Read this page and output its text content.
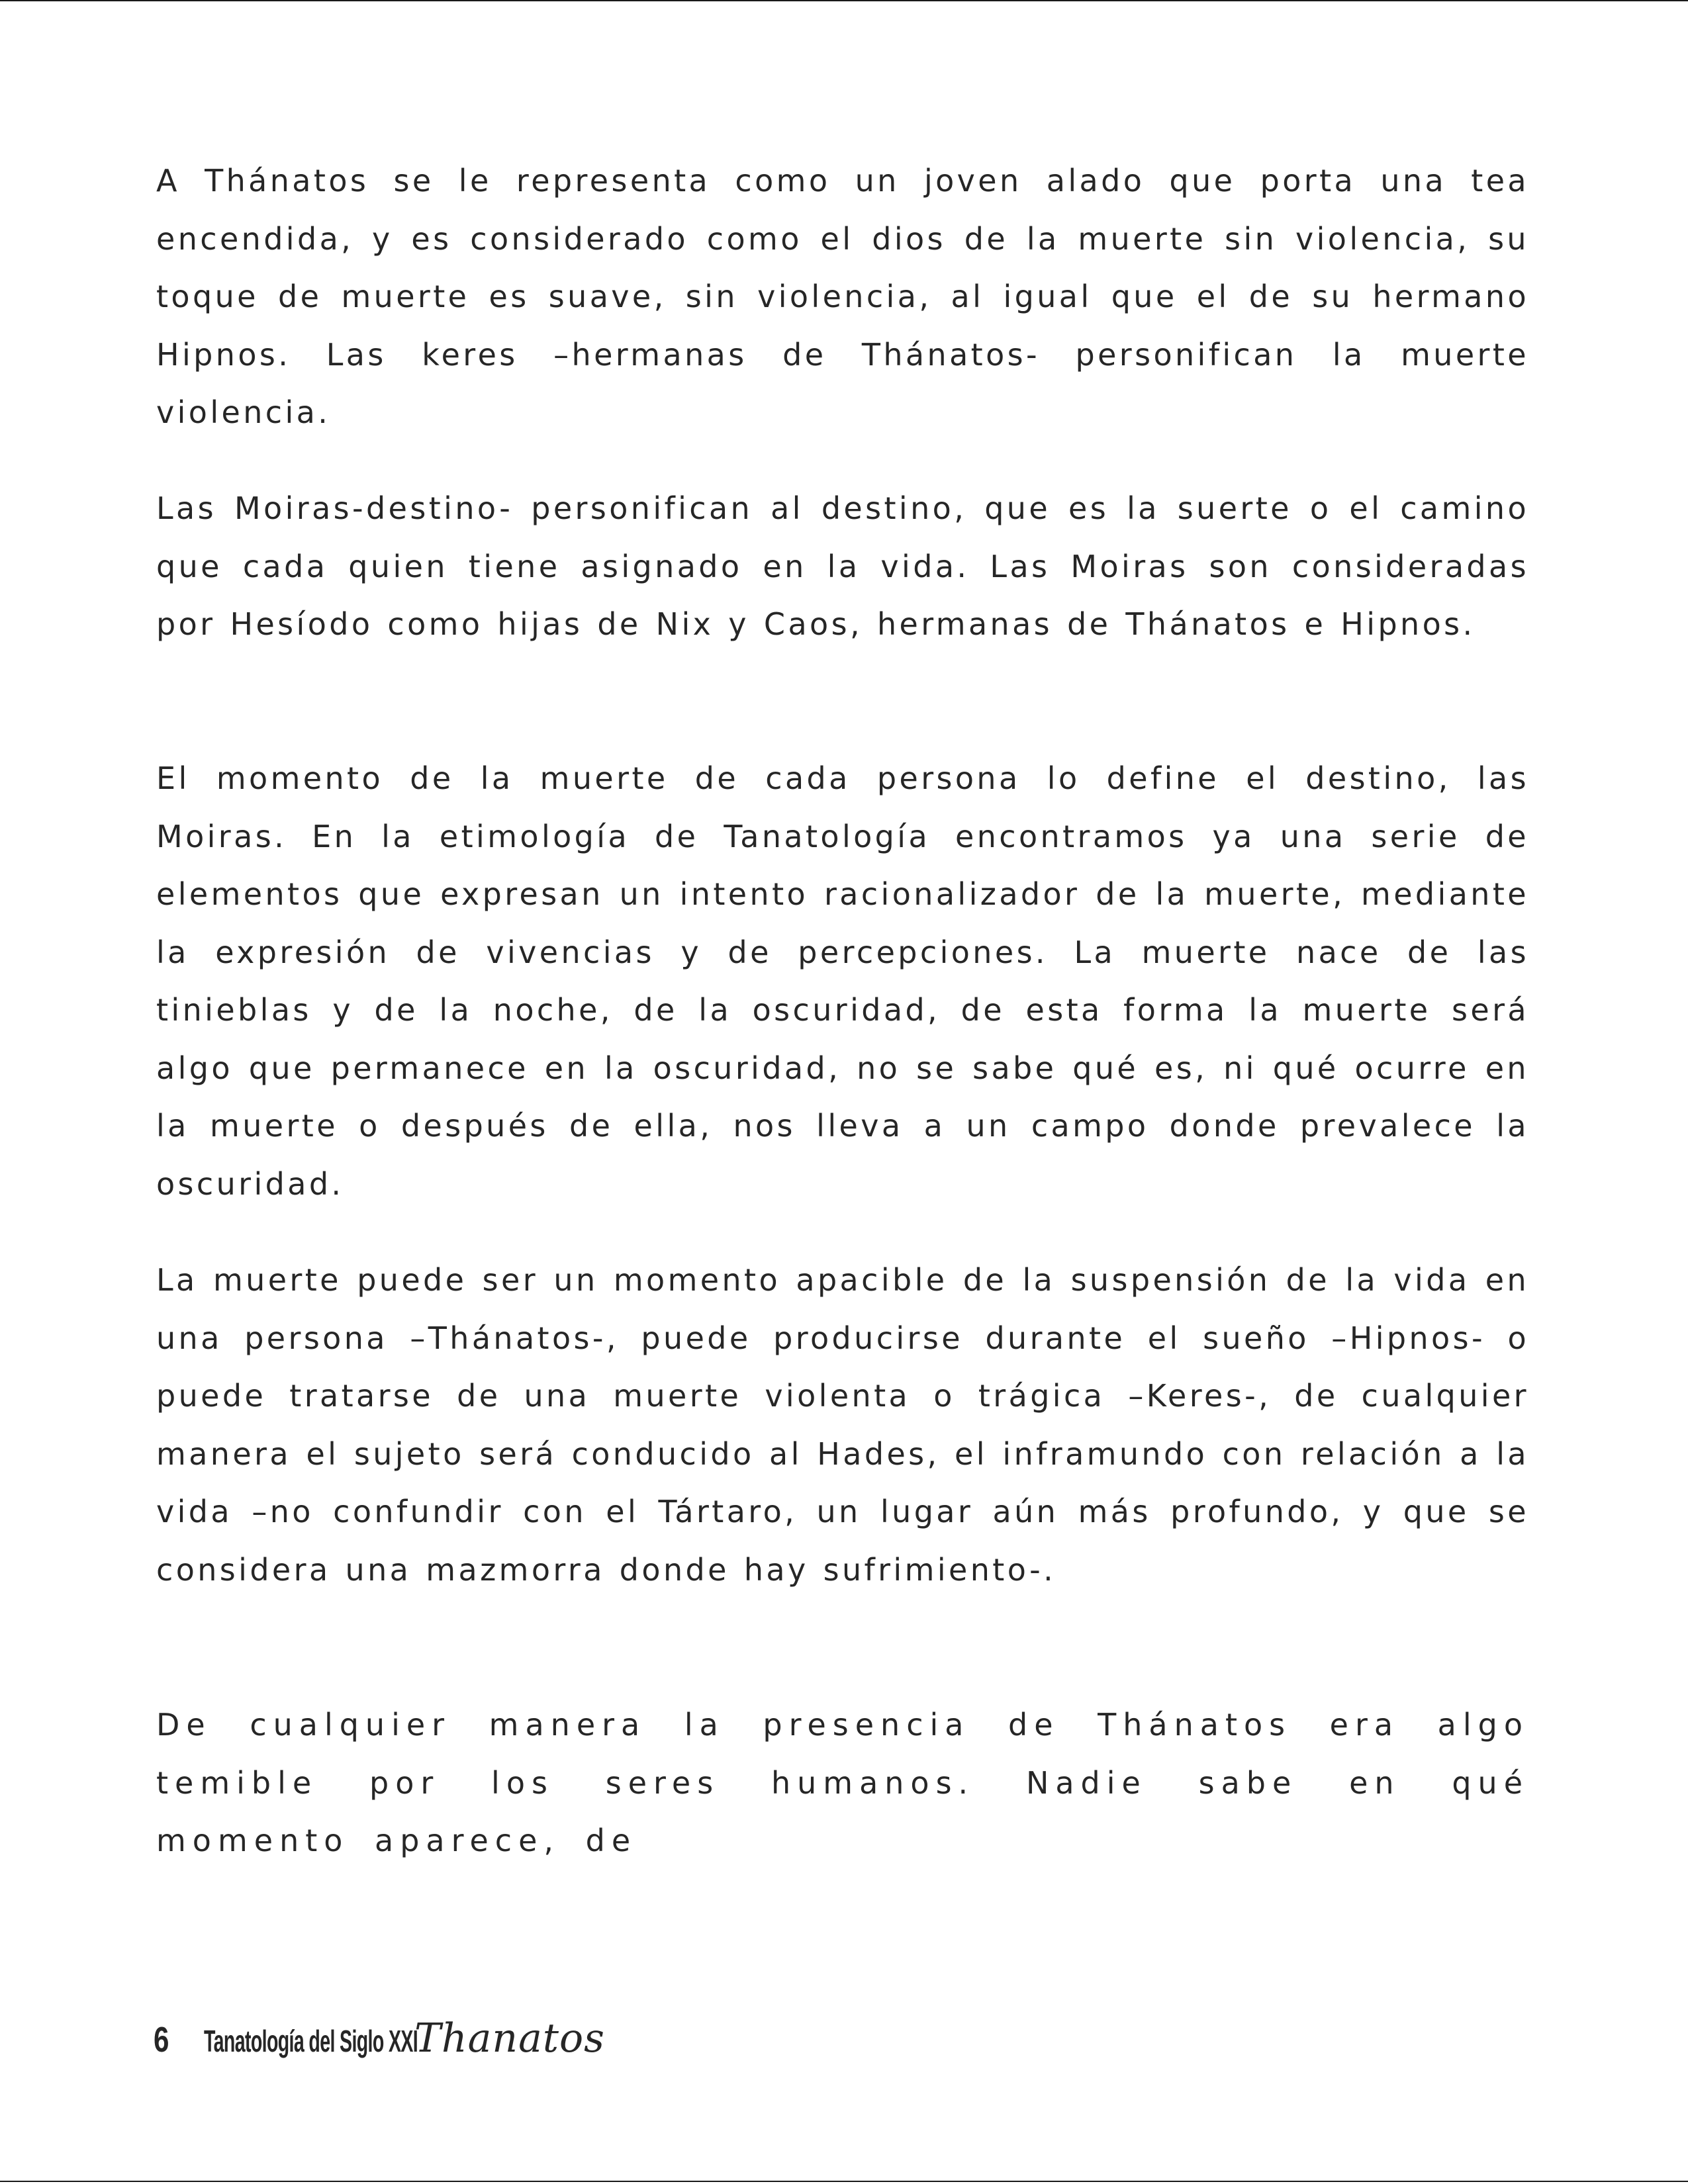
A Thánatos se le representa como un joven alado que porta una tea encendida, y es considerado como el dios de la muerte sin violencia, su toque de muerte es suave, sin violencia, al igual que el de su hermano Hipnos. Las keres –hermanas de Thánatos- personifican la muerte violencia.

Las Moiras-destino- personifican al destino, que es la suerte o el camino que cada quien tiene asignado en la vida. Las Moiras son consideradas por Hesíodo como hijas de Nix y Caos, hermanas de Thánatos e Hipnos.

El momento de la muerte de cada persona lo define el destino, las Moiras. En la etimología de Tanatología encontramos ya una serie de elementos que expresan un intento racionalizador de la muerte, mediante la expresión de vivencias y de percepciones. La muerte nace de las tinieblas y de la noche, de la oscuridad, de esta forma la muerte será algo que permanece en la oscuridad, no se sabe qué es, ni qué ocurre en la muerte o después de ella, nos lleva a un campo donde prevalece la oscuridad.

La muerte puede ser un momento apacible de la suspensión de la vida en una persona –Thánatos-, puede producirse durante el sueño –Hipnos- o puede tratarse de una muerte violenta o trágica –Keres-, de cualquier manera el sujeto será conducido al Hades, el inframundo con relación a la vida –no confundir con el Tártaro, un lugar aún más profundo, y que se considera una mazmorra donde hay sufrimiento-.

De cualquier manera la presencia de Thánatos era algo temible por los seres humanos. Nadie sabe en qué momento aparece, de

6 Tanatología del Siglo XXI
Thanatos
